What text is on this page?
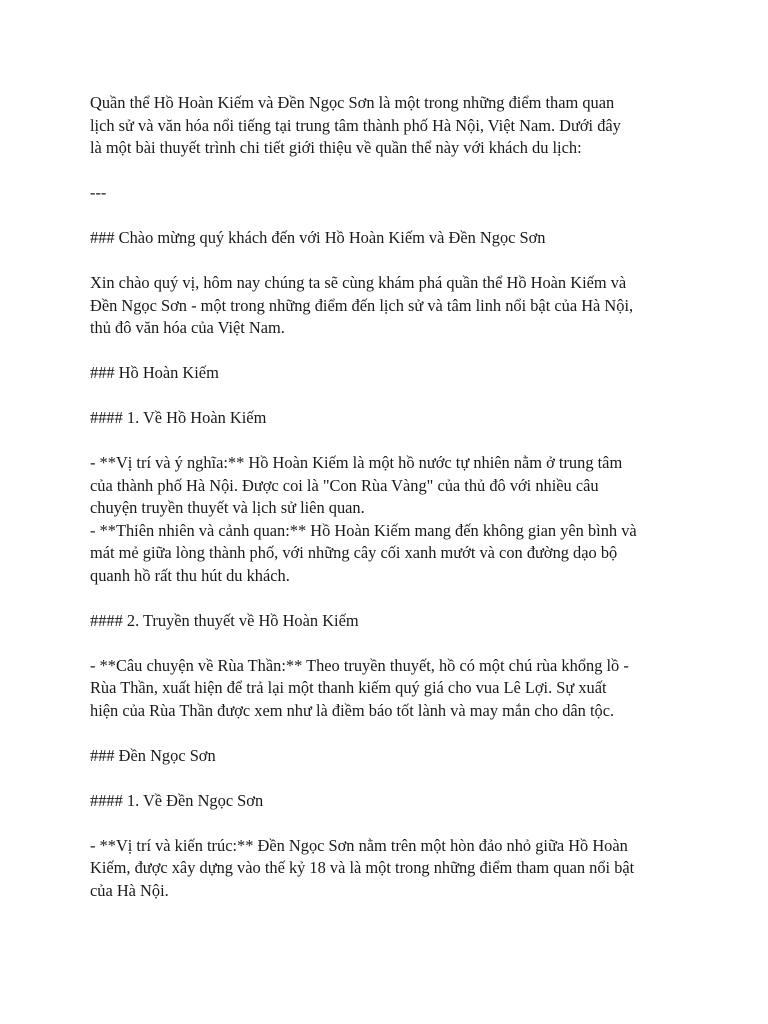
Quần thể Hồ Hoàn Kiếm và Đền Ngọc Sơn là một trong những điểm tham quan
lịch sử và văn hóa nổi tiếng tại trung tâm thành phố Hà Nội, Việt Nam. Dưới đây
là một bài thuyết trình chi tiết giới thiệu về quần thể này với khách du lịch:

---

### Chào mừng quý khách đến với Hồ Hoàn Kiếm và Đền Ngọc Sơn

Xin chào quý vị, hôm nay chúng ta sẽ cùng khám phá quần thể Hồ Hoàn Kiếm và
Đền Ngọc Sơn - một trong những điểm đến lịch sử và tâm linh nổi bật của Hà Nội,
thủ đô văn hóa của Việt Nam.

### Hồ Hoàn Kiếm

#### 1. Về Hồ Hoàn Kiếm

- **Vị trí và ý nghĩa:** Hồ Hoàn Kiếm là một hồ nước tự nhiên nằm ở trung tâm
của thành phố Hà Nội. Được coi là "Con Rùa Vàng" của thủ đô với nhiều câu
chuyện truyền thuyết và lịch sử liên quan.
- **Thiên nhiên và cảnh quan:** Hồ Hoàn Kiếm mang đến không gian yên bình và
mát mẻ giữa lòng thành phố, với những cây cối xanh mướt và con đường dạo bộ
quanh hồ rất thu hút du khách.

#### 2. Truyền thuyết về Hồ Hoàn Kiếm

- **Câu chuyện về Rùa Thần:** Theo truyền thuyết, hồ có một chú rùa khổng lồ -
Rùa Thần, xuất hiện để trả lại một thanh kiếm quý giá cho vua Lê Lợi. Sự xuất
hiện của Rùa Thần được xem như là điềm báo tốt lành và may mắn cho dân tộc.

### Đền Ngọc Sơn

#### 1. Về Đền Ngọc Sơn

- **Vị trí và kiến trúc:** Đền Ngọc Sơn nằm trên một hòn đảo nhỏ giữa Hồ Hoàn
Kiếm, được xây dựng vào thế kỷ 18 và là một trong những điểm tham quan nổi bật
của Hà Nội.
